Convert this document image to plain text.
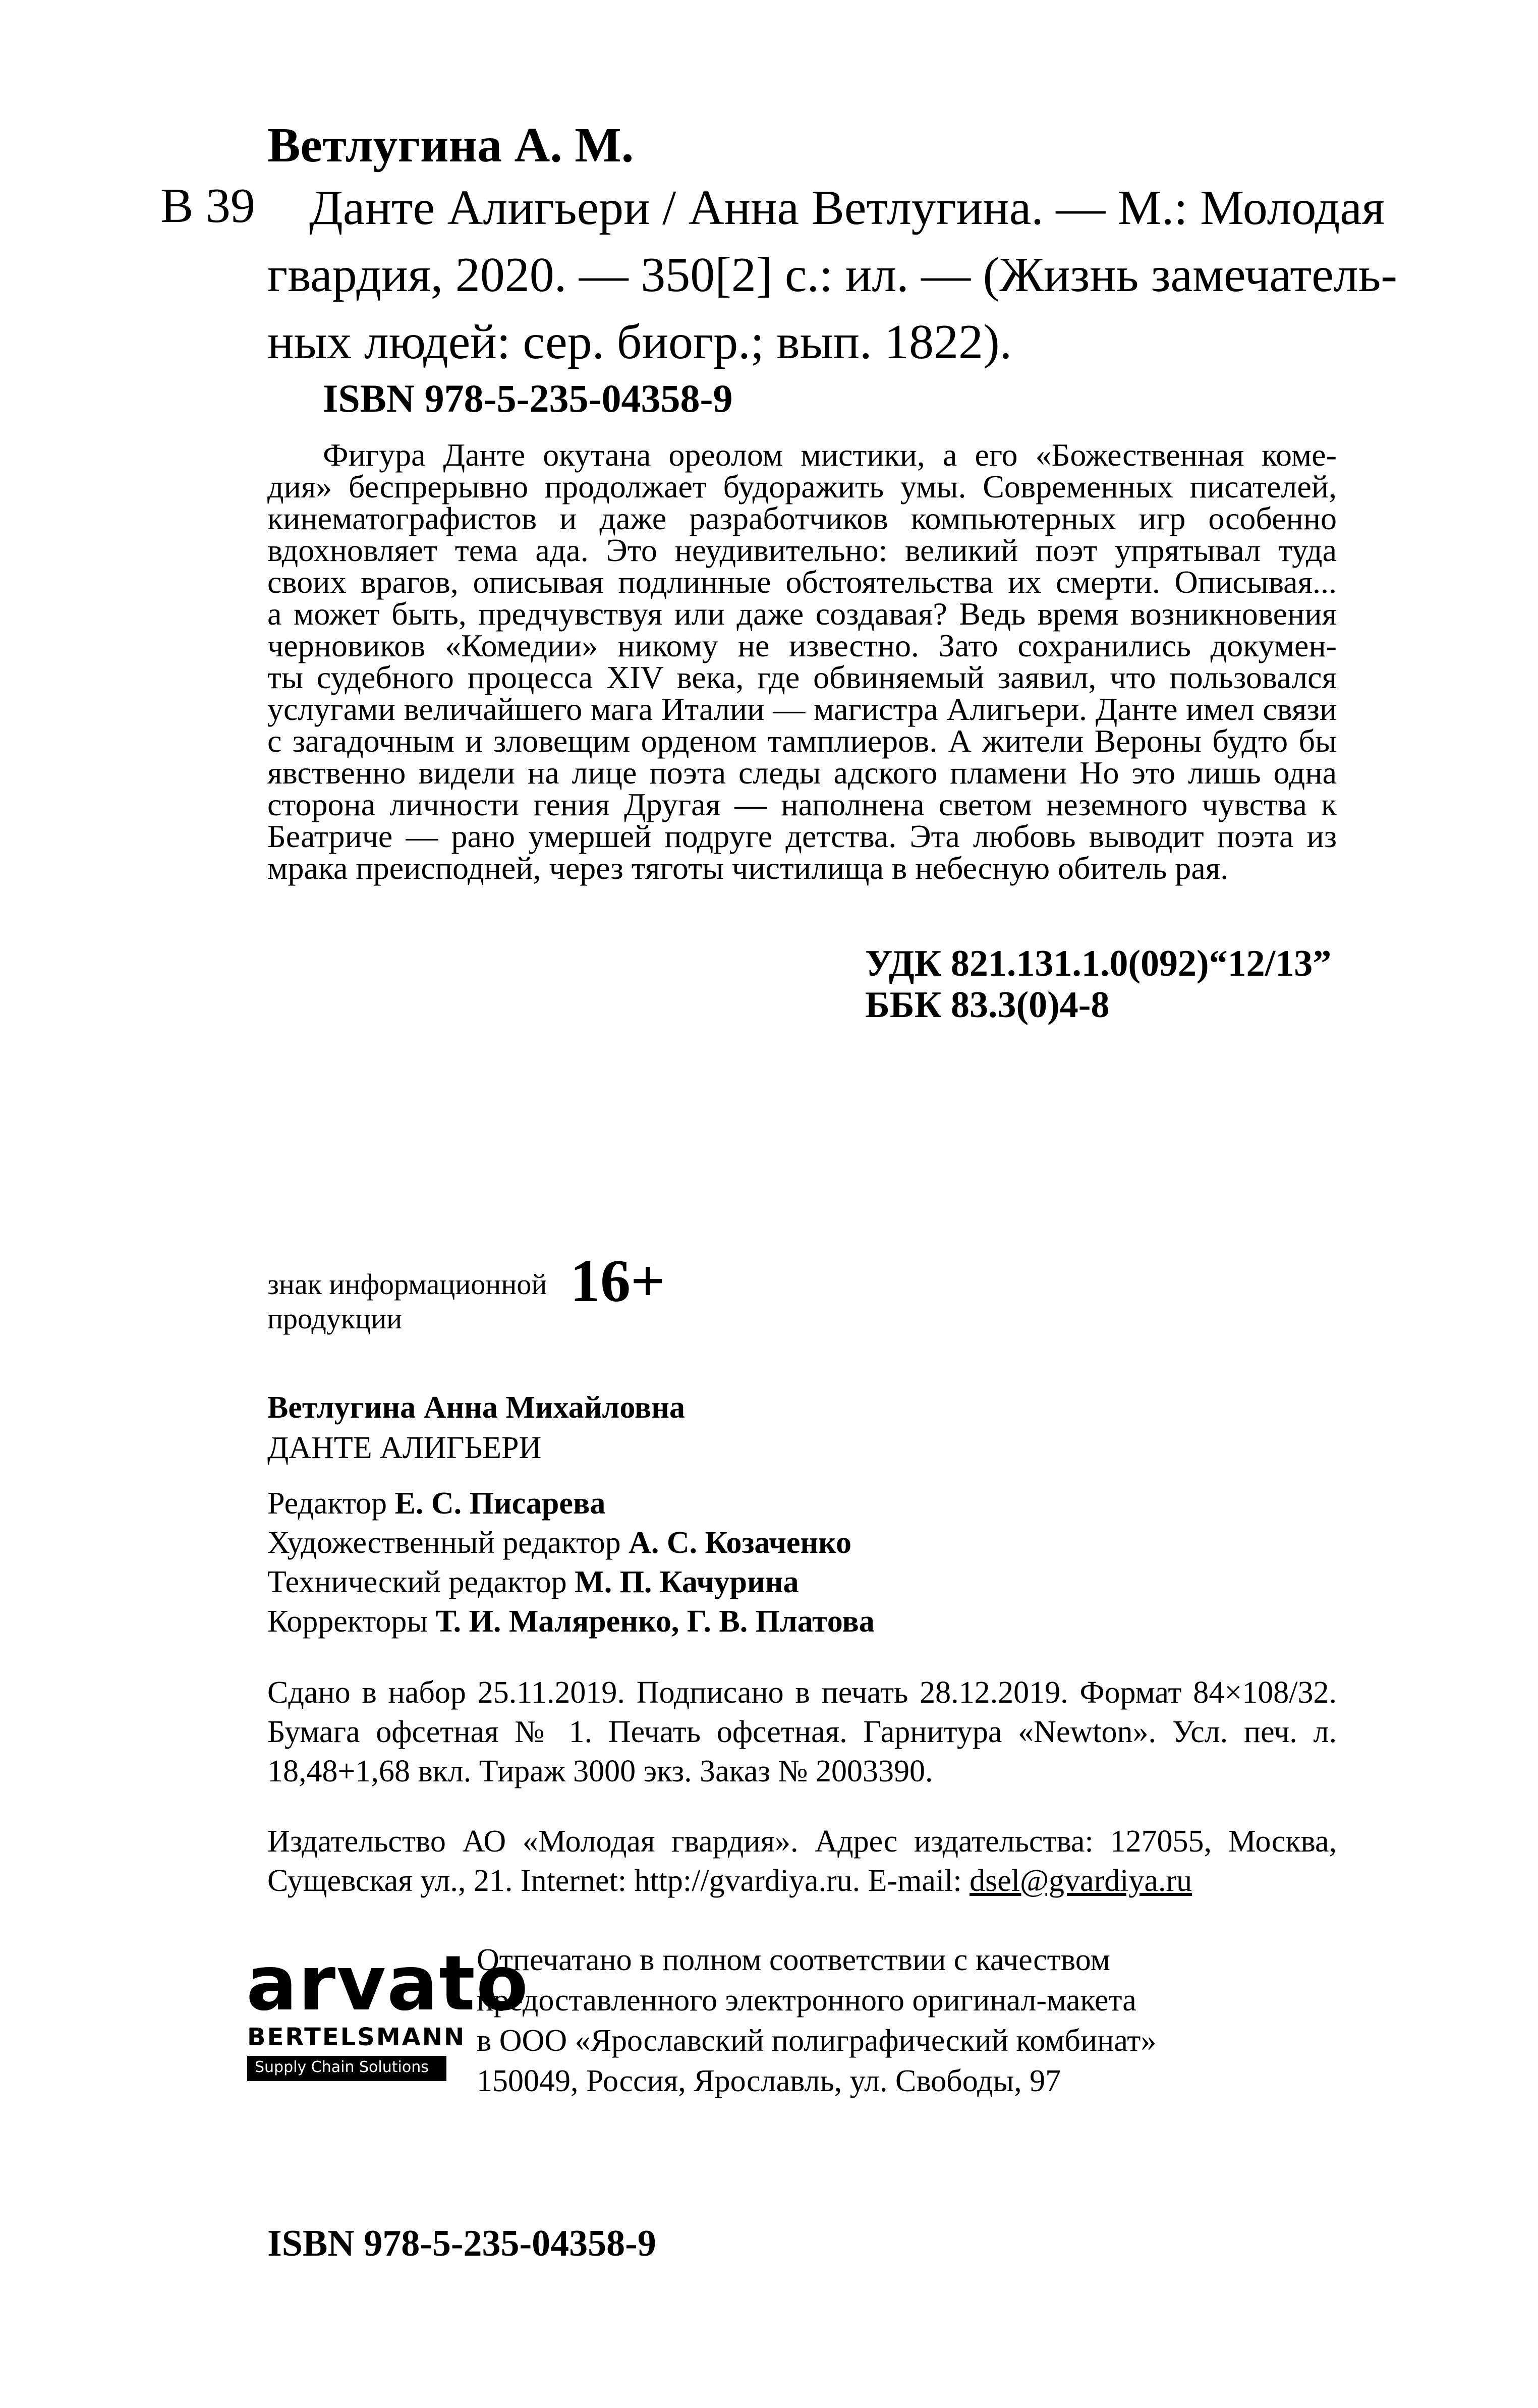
Ветлугина А. М.
В 39 Данте Алигьери / Анна Ветлугина. — М.: Молодая
гвардия, 2020. — 350[2] с.: ил. — (Жизнь замечатель-
ных людей: сер. биогр.; вып. 1822).
ISBN 978-5-235-04358-9
Фигура Данте окутана ореолом мистики, а его «Божественная коме-
дия» беспрерывно продолжает будоражить умы. Современных писателей,
кинематографистов и даже разработчиков компьютерных игр особенно
вдохновляет тема ада. Это неудивительно: великий поэт упрятывал туда
своих врагов, описывая подлинные обстоятельства их смерти. Описывая...
а может быть, предчувствуя или даже создавая? Ведь время возникновения
черновиков «Комедии» никому не известно. Зато сохранились докумен-
ты судебного процесса XIV века, где обвиняемый заявил, что пользовался
услугами величайшего мага Италии — магистра Алигьери. Данте имел связи
с загадочным и зловещим орденом тамплиеров. А жители Вероны будто бы
явственно видели на лице поэта следы адского пламени Но это лишь одна
сторона личности гения Другая — наполнена светом неземного чувства к
Беатриче — рано умершей подруге детства. Эта любовь выводит поэта из
мрака преисподней, через тяготы чистилища в небесную обитель рая.
УДК 821.131.1.0(092)“12/13”
ББК 83.3(0)4-8
знак информационной
продукции
16+
Ветлугина Анна Михайловна
ДАНТЕ АЛИГЬЕРИ
Редактор Е. С. Писарева
Художественный редактор А. С. Козаченко
Технический редактор М. П. Качурина
Корректоры Т. И. Маляренко, Г. В. Платова
Сдано в набор 25.11.2019. Подписано в печать 28.12.2019. Формат 84×108/32.
Бумага офсетная № 1. Печать офсетная. Гарнитура «Newton». Усл. печ. л.
18,48+1,68 вкл. Тираж 3000 экз. Заказ № 2003390.
Издательство АО «Молодая гвардия». Адрес издательства: 127055, Москва,
Сущевская ул., 21. Internet: http://gvardiya.ru. E-mail: dsel@gvardiya.ru
arvato
BERTELSMANN
Supply Chain Solutions
Отпечатано в полном соответствии с качеством
предоставленного электронного оригинал-макета
в ООО «Ярославский полиграфический комбинат»
150049, Россия, Ярославль, ул. Свободы, 97
ISBN 978-5-235-04358-9
